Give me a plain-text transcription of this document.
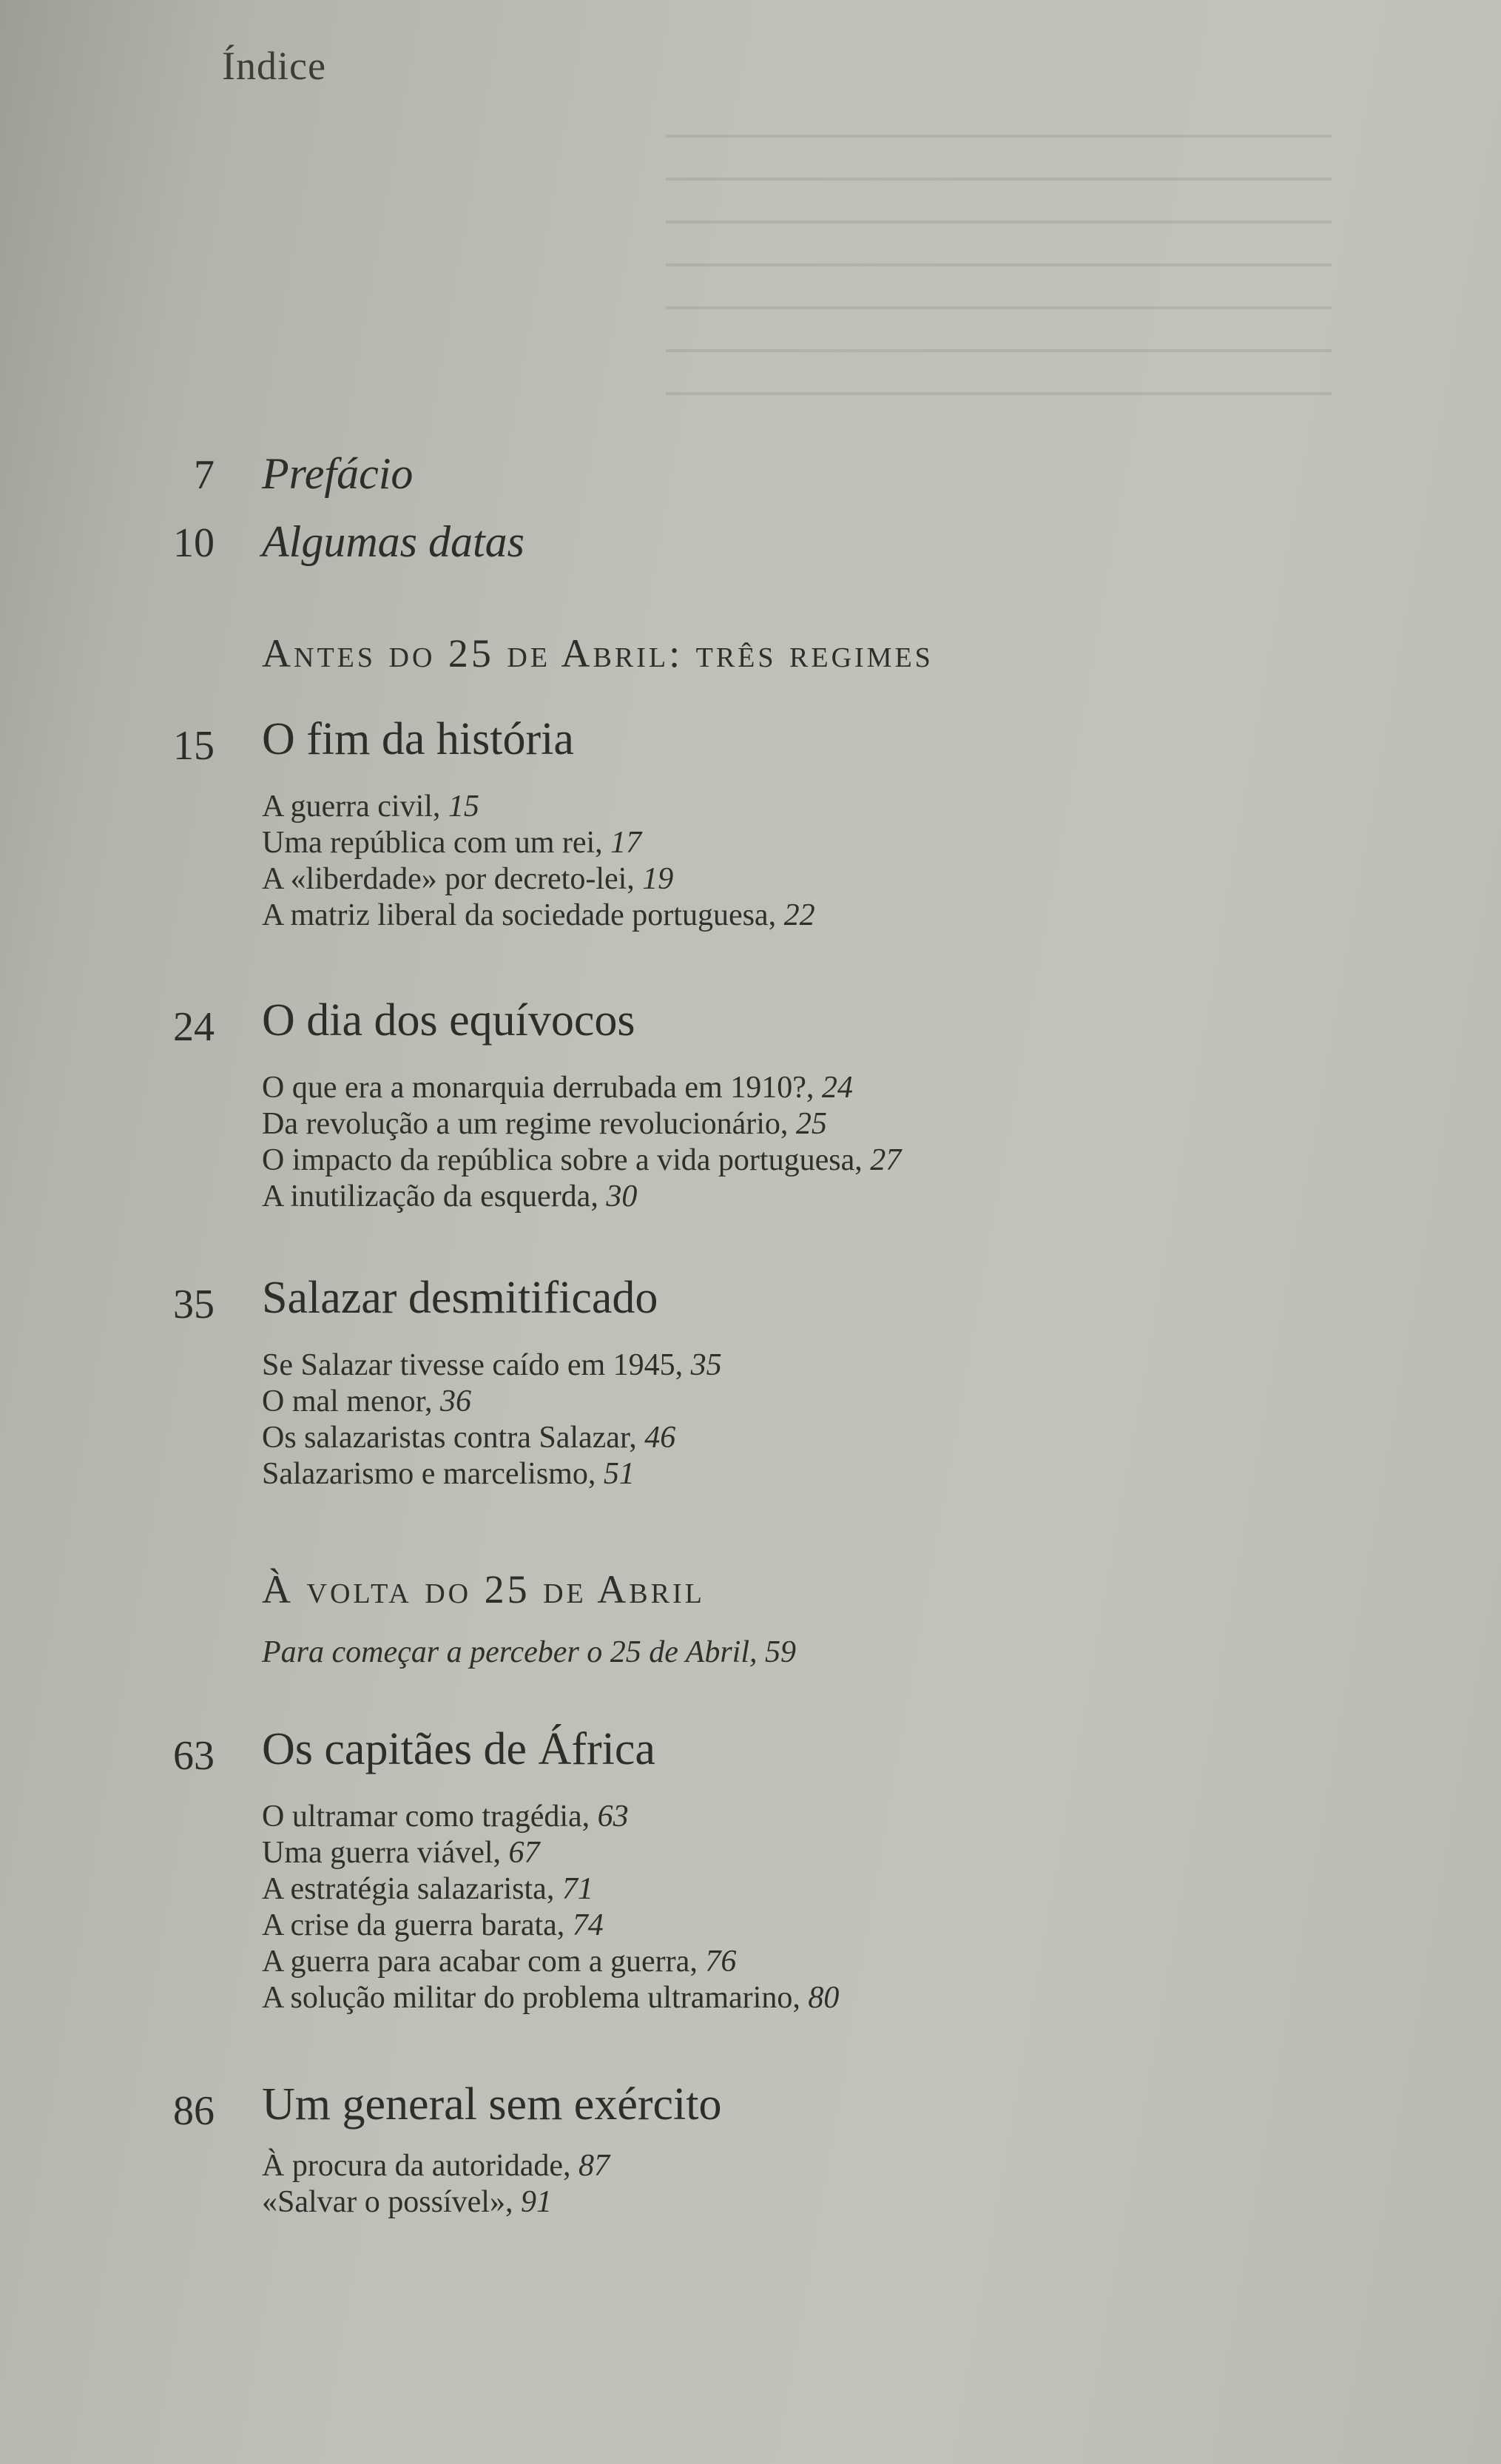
Índice
7 Prefácio
10 Algumas datas
Antes do 25 de Abril: três regimes
15 O fim da história
A guerra civil, 15
Uma república com um rei, 17
A «liberdade» por decreto-lei, 19
A matriz liberal da sociedade portuguesa, 22
24 O dia dos equívocos
O que era a monarquia derrubada em 1910?, 24
Da revolução a um regime revolucionário, 25
O impacto da república sobre a vida portuguesa, 27
A inutilização da esquerda, 30
35 Salazar desmitificado
Se Salazar tivesse caído em 1945, 35
O mal menor, 36
Os salazaristas contra Salazar, 46
Salazarismo e marcelismo, 51
À volta do 25 de Abril
Para começar a perceber o 25 de Abril, 59
63 Os capitães de África
O ultramar como tragédia, 63
Uma guerra viável, 67
A estratégia salazarista, 71
A crise da guerra barata, 74
A guerra para acabar com a guerra, 76
A solução militar do problema ultramarino, 80
86 Um general sem exército
À procura da autoridade, 87
«Salvar o possível», 91
